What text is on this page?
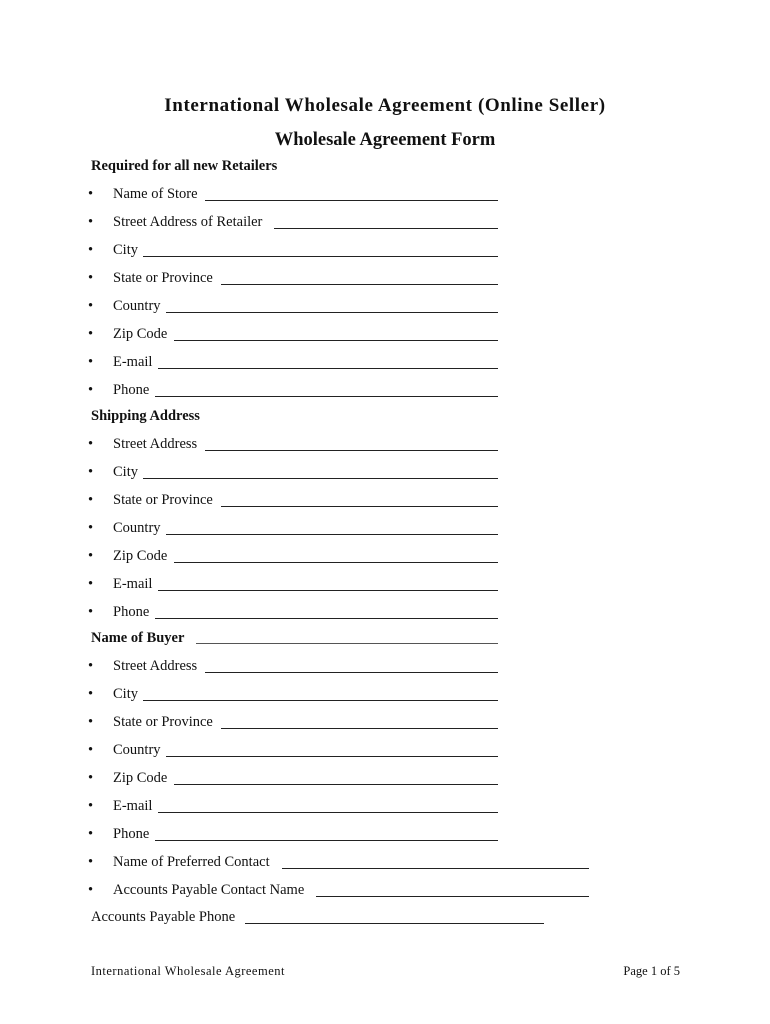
International Wholesale Agreement (Online Seller)
Wholesale Agreement Form
Required for all new Retailers
• Name of Store
• Street Address of Retailer
• City
• State or Province
• Country
• Zip Code
• E-mail
• Phone
Shipping Address
• Street Address
• City
• State or Province
• Country
• Zip Code
• E-mail
• Phone
Name of Buyer
• Street Address
• City
• State or Province
• Country
• Zip Code
• E-mail
• Phone
• Name of Preferred Contact
• Accounts Payable Contact Name
Accounts Payable Phone
International Wholesale Agreement	Page 1 of 5
